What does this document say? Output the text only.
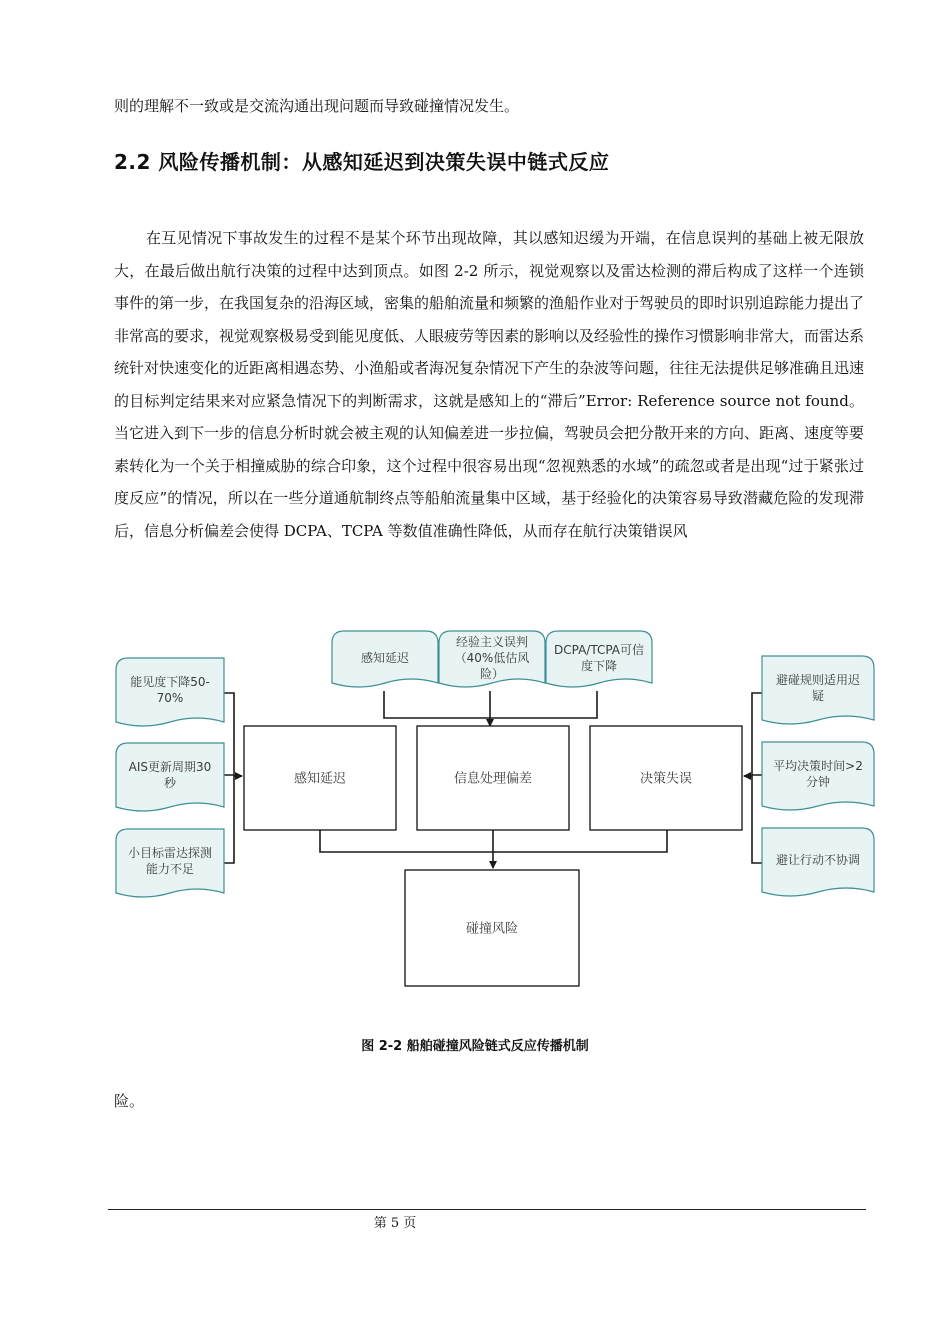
则的理解不一致或是交流沟通出现问题而导致碰撞情况发生。

2.2 风险传播机制：从感知延迟到决策失误中链式反应

在互见情况下事故发生的过程不是某个环节出现故障，其以感知迟缓为开端，在信息误判的基础上被无限放大，在最后做出航行决策的过程中达到顶点。如图 2-2 所示，视觉观察以及雷达检测的滞后构成了这样一个连锁事件的第一步，在我国复杂的沿海区域，密集的船舶流量和频繁的渔船作业对于驾驶员的即时识别追踪能力提出了非常高的要求，视觉观察极易受到能见度低、人眼疲劳等因素的影响以及经验性的操作习惯影响非常大，而雷达系统针对快速变化的近距离相遇态势、小渔船或者海况复杂情况下产生的杂波等问题，往往无法提供足够准确且迅速的目标判定结果来对应紧急情况下的判断需求，这就是感知上的“滞后”Error: Reference source not found。当它进入到下一步的信息分析时就会被主观的认知偏差进一步拉偏，驾驶员会把分散开来的方向、距离、速度等要素转化为一个关于相撞威胁的综合印象，这个过程中很容易出现“忽视熟悉的水域”的疏忽或者是出现“过于紧张过度反应”的情况，所以在一些分道通航制终点等船舶流量集中区域，基于经验化的决策容易导致潜藏危险的发现滞后，信息分析偏差会使得 DCPA、TCPA 等数值准确性降低，从而存在航行决策错误风

能见度下降50-
70%
AIS更新周期30
秒
小目标雷达探测
能力不足
感知延迟
经验主义误判
（40%低估风
险）
DCPA/TCPA可信
度下降
避碰规则适用迟
疑
平均决策时间>2
分钟
避让行动不协调
感知延迟	信息处理偏差	决策失误
碰撞风险

图 2-2 船舶碰撞风险链式反应传播机制

险。

第 5 页
